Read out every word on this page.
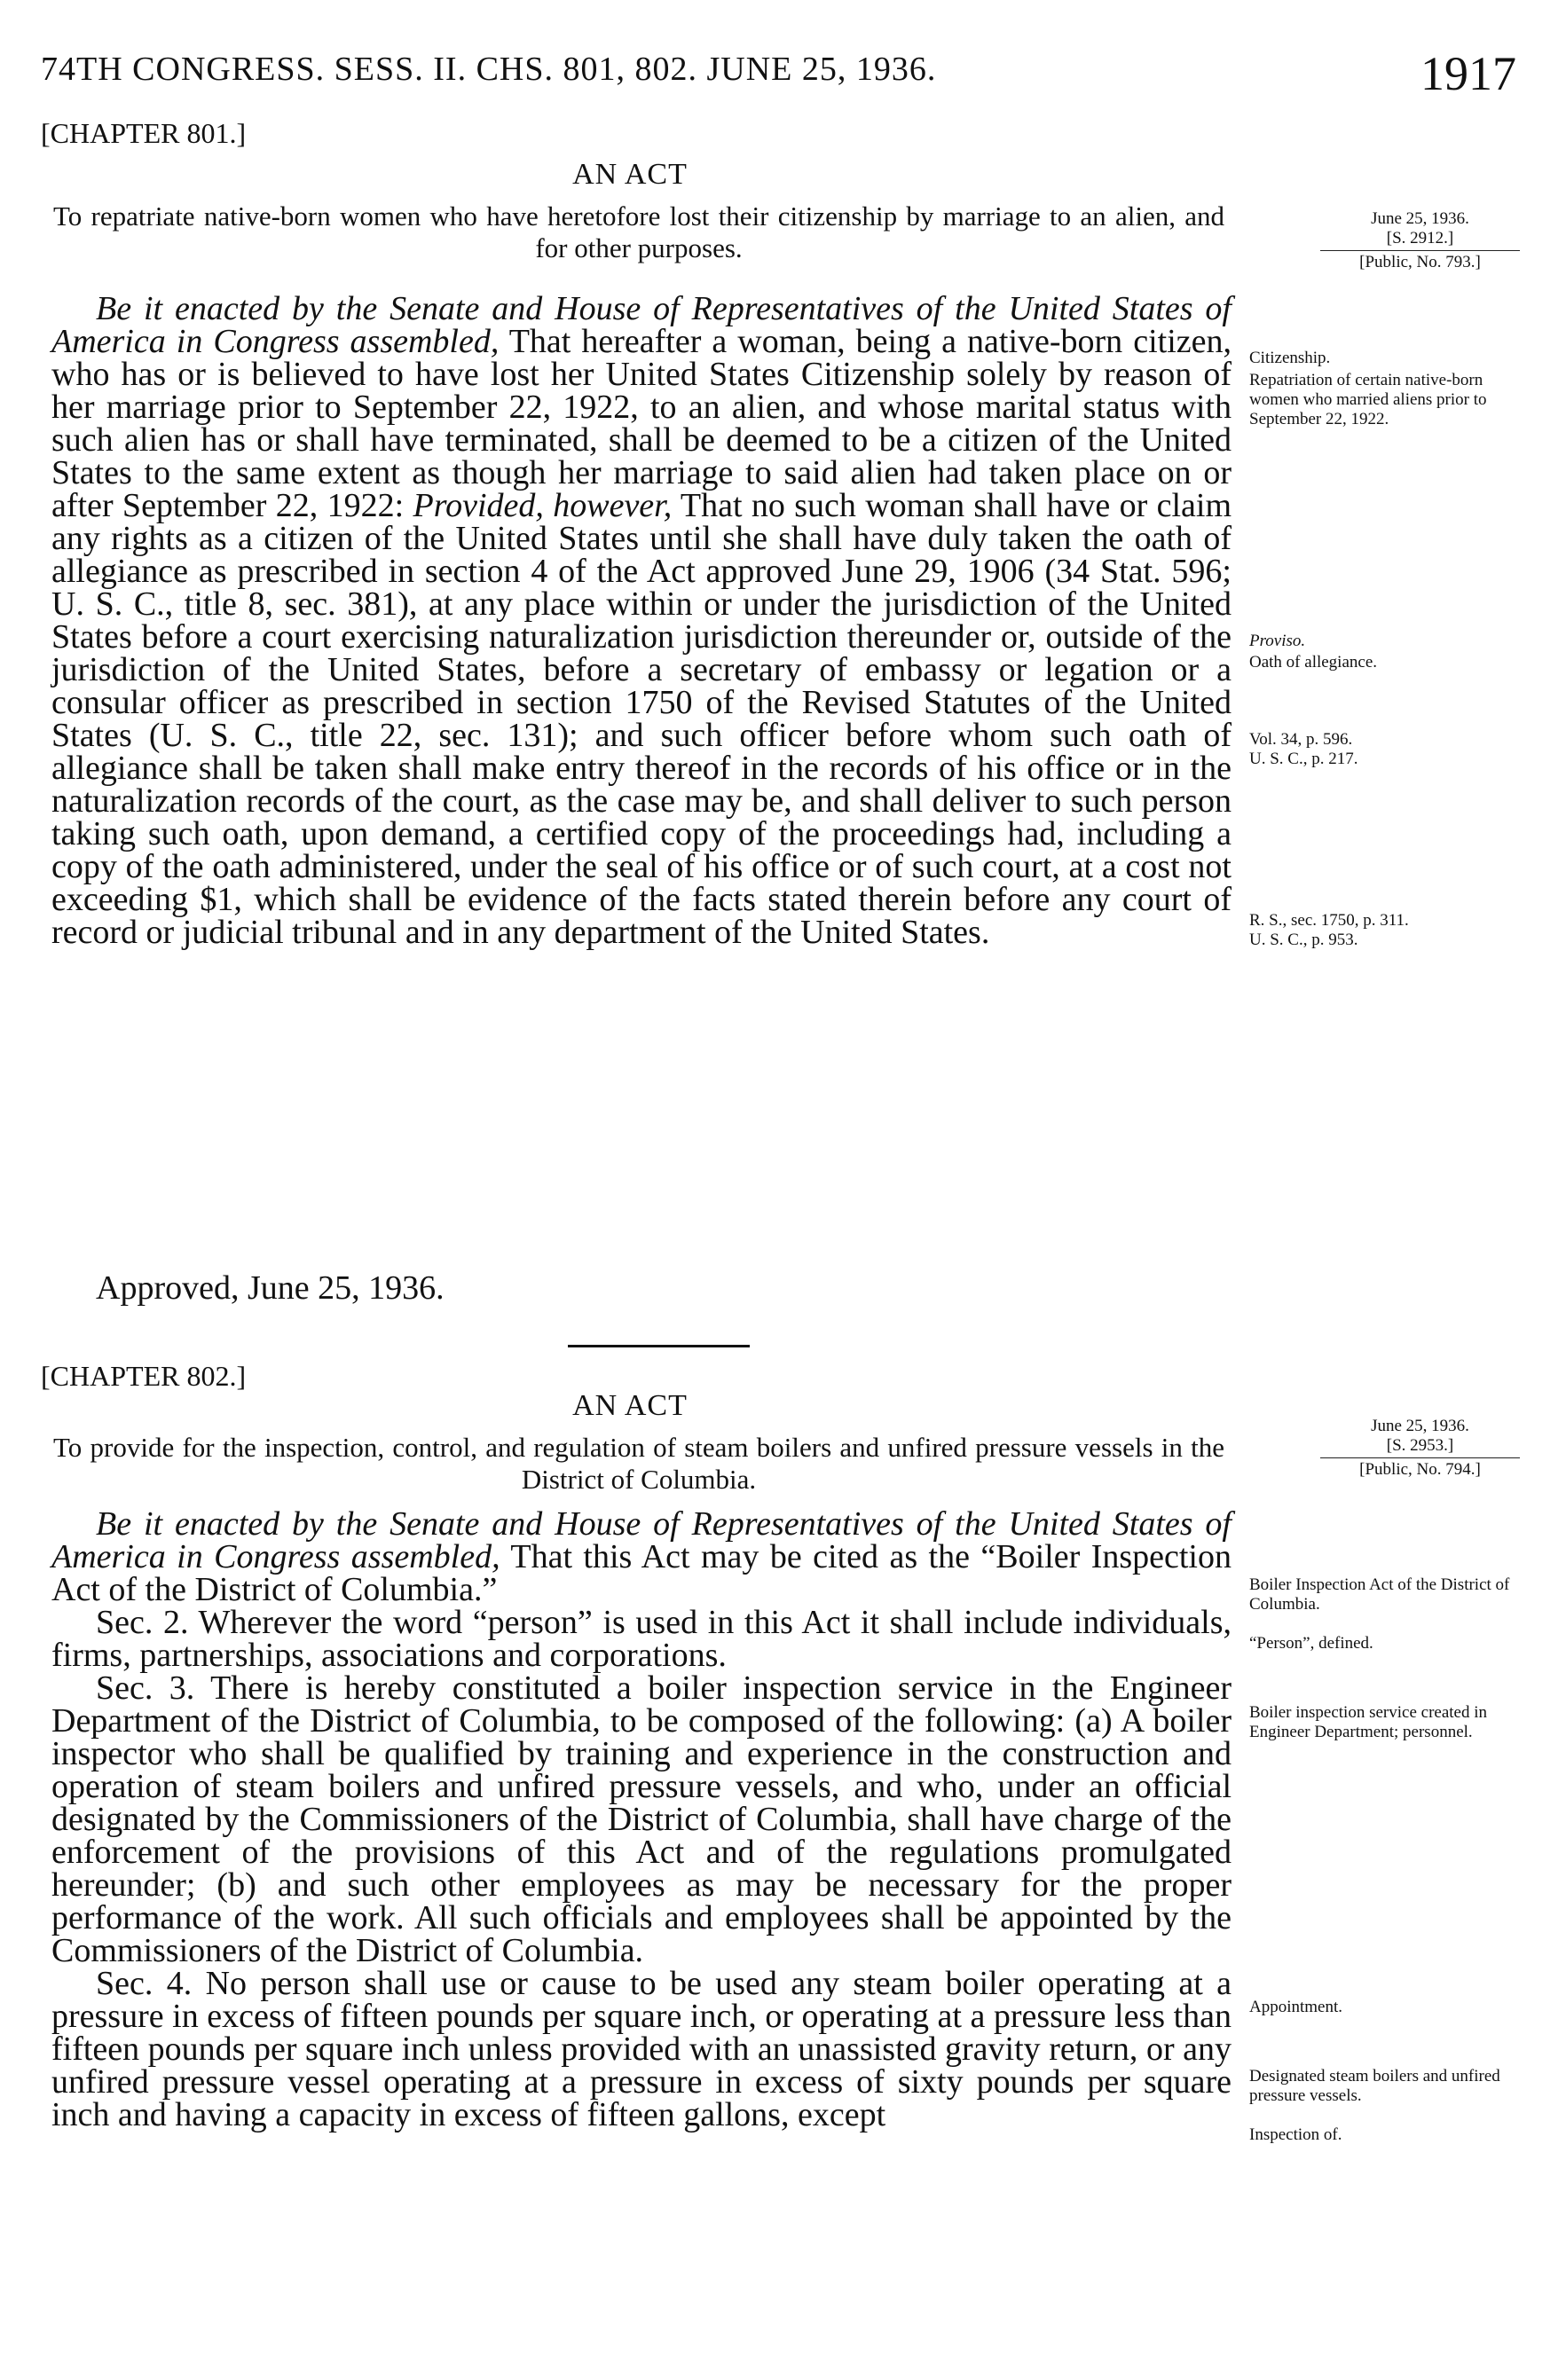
74TH CONGRESS. SESS. II. CHS. 801, 802. JUNE 25, 1936.	1917
[CHAPTER 801.]
AN ACT
To repatriate native-born women who have heretofore lost their citizenship by marriage to an alien, and for other purposes.
June 25, 1936.
[S. 2912.]
[Public, No. 793.]

Be it enacted by the Senate and House of Representatives of the United States of America in Congress assembled, That hereafter a woman, being a native-born citizen, who has or is believed to have lost her United States Citizenship solely by reason of her marriage prior to September 22, 1922, to an alien, and whose marital status with such alien has or shall have terminated, shall be deemed to be a citizen of the United States to the same extent as though her marriage to said alien had taken place on or after September 22, 1922: Provided, however, That no such woman shall have or claim any rights as a citizen of the United States until she shall have duly taken the oath of allegiance as prescribed in section 4 of the Act approved June 29, 1906 (34 Stat. 596; U. S. C., title 8, sec. 381), at any place within or under the jurisdiction of the United States before a court exercising naturalization jurisdiction thereunder or, outside of the jurisdiction of the United States, before a secretary of embassy or legation or a consular officer as prescribed in section 1750 of the Revised Statutes of the United States (U. S. C., title 22, sec. 131); and such officer before whom such oath of allegiance shall be taken shall make entry thereof in the records of his office or in the naturalization records of the court, as the case may be, and shall deliver to such person taking such oath, upon demand, a certified copy of the proceedings had, including a copy of the oath administered, under the seal of his office or of such court, at a cost not exceeding $1, which shall be evidence of the facts stated therein before any court of record or judicial tribunal and in any department of the United States.

Approved, June 25, 1936.
Citizenship.
Repatriation of certain native-born women who married aliens prior to September 22, 1922.
Proviso.
Oath of allegiance.
Vol. 34, p. 596.
U. S. C., p. 217.
R. S., sec. 1750, p. 311.
U. S. C., p. 953.
[CHAPTER 802.]
AN ACT
To provide for the inspection, control, and regulation of steam boilers and unfired pressure vessels in the District of Columbia.
June 25, 1936.
[S. 2953.]
[Public, No. 794.]

Be it enacted by the Senate and House of Representatives of the United States of America in Congress assembled, That this Act may be cited as the “Boiler Inspection Act of the District of Columbia.”

Sec. 2. Wherever the word “person” is used in this Act it shall include individuals, firms, partnerships, associations and corporations.

Sec. 3. There is hereby constituted a boiler inspection service in the Engineer Department of the District of Columbia, to be composed of the following: (a) A boiler inspector who shall be qualified by training and experience in the construction and operation of steam boilers and unfired pressure vessels, and who, under an official designated by the Commissioners of the District of Columbia, shall have charge of the enforcement of the provisions of this Act and of the regulations promulgated hereunder; (b) and such other employees as may be necessary for the proper performance of the work. All such officials and employees shall be appointed by the Commissioners of the District of Columbia.

Sec. 4. No person shall use or cause to be used any steam boiler operating at a pressure in excess of fifteen pounds per square inch, or operating at a pressure less than fifteen pounds per square inch unless provided with an unassisted gravity return, or any unfired pressure vessel operating at a pressure in excess of sixty pounds per square inch and having a capacity in excess of fifteen gallons, except

Boiler Inspection Act of the District of Columbia.
“Person”, defined.
Boiler inspection service created in Engineer Department; personnel.
Appointment.
Designated steam boilers and unfired pressure vessels.
Inspection of.
